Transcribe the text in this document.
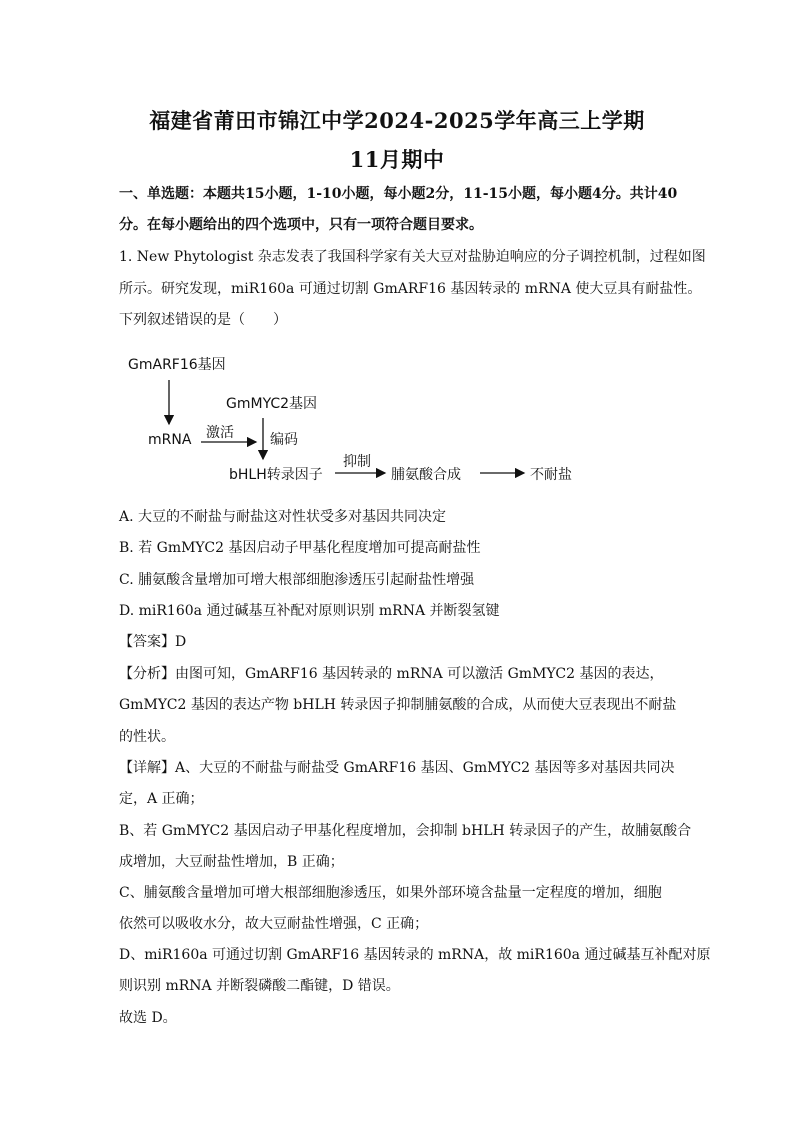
福建省莆田市锦江中学2024-2025学年高三上学期
11月期中
一、单选题：本题共15小题，1-10小题，每小题2分，11-15小题，每小题4分。共计40
分。在每小题给出的四个选项中，只有一项符合题目要求。
1. New Phytologist 杂志发表了我国科学家有关大豆对盐胁迫响应的分子调控机制，过程如图
所示。研究发现，miR160a 可通过切割 GmARF16 基因转录的 mRNA 使大豆具有耐盐性。
下列叙述错误的是（　　）
GmARF16基因
GmMYC2基因
激活	编码
mRNA
抑制
bHLH转录因子	脯氨酸合成	不耐盐
A. 大豆的不耐盐与耐盐这对性状受多对基因共同决定
B. 若 GmMYC2 基因启动子甲基化程度增加可提高耐盐性
C. 脯氨酸含量增加可增大根部细胞渗透压引起耐盐性增强
D. miR160a 通过碱基互补配对原则识别 mRNA 并断裂氢键
【答案】D
【分析】由图可知，GmARF16 基因转录的 mRNA 可以激活 GmMYC2 基因的表达，
GmMYC2 基因的表达产物 bHLH 转录因子抑制脯氨酸的合成，从而使大豆表现出不耐盐
的性状。
【详解】A、大豆的不耐盐与耐盐受 GmARF16 基因、GmMYC2 基因等多对基因共同决
定，A 正确；
B、若 GmMYC2 基因启动子甲基化程度增加，会抑制 bHLH 转录因子的产生，故脯氨酸合
成增加，大豆耐盐性增加，B 正确；
C、脯氨酸含量增加可增大根部细胞渗透压，如果外部环境含盐量一定程度的增加，细胞
依然可以吸收水分，故大豆耐盐性增强，C 正确；
D、miR160a 可通过切割 GmARF16 基因转录的 mRNA，故 miR160a 通过碱基互补配对原
则识别 mRNA 并断裂磷酸二酯键，D 错误。
故选 D。
